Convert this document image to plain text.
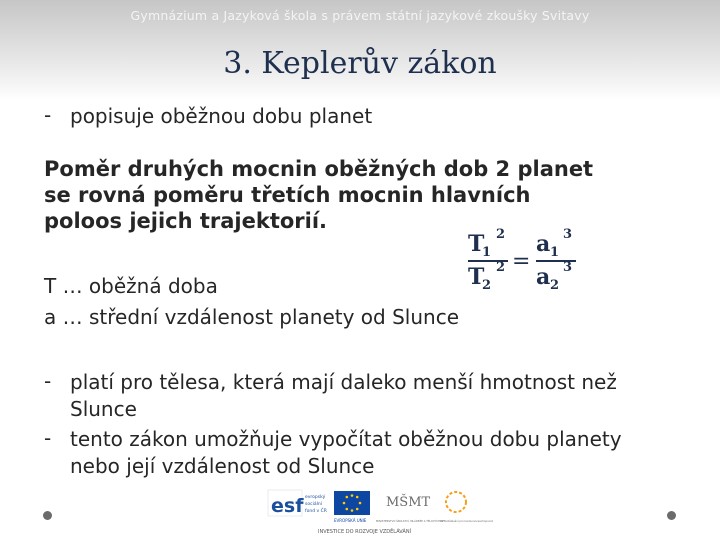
Gymnázium a Jazyková škola s právem státní jazykové zkoušky Svitavy
3. Keplerův zákon
- popisuje oběžnou dobu planet
Poměr druhých mocnin oběžných dob 2 planet
se rovná poměru třetích mocnin hlavních
poloos jejich trajektorií.
T
1
2
T
2
2 =
a 1
3
a 2
3
T … oběžná doba
a … střední vzdálenost planety od Slunce
- platí pro tělesa, která mají daleko menší hmotnost než Slunce
- tento zákon umožňuje vypočítat oběžnou dobu planety nebo její vzdálenost od Slunce
esf evropský
sociální
fond v ČR
EVROPSKÁ UNIE
MŠMT
MINISTERSTVO ŠKOLSTVÍ, MLÁDEŽE A TĚLOVÝCHOVY
OP Vzdělávání pro konkurenceschopnost
INVESTICE DO ROZVOJE VZDĚLÁVÁNÍ
